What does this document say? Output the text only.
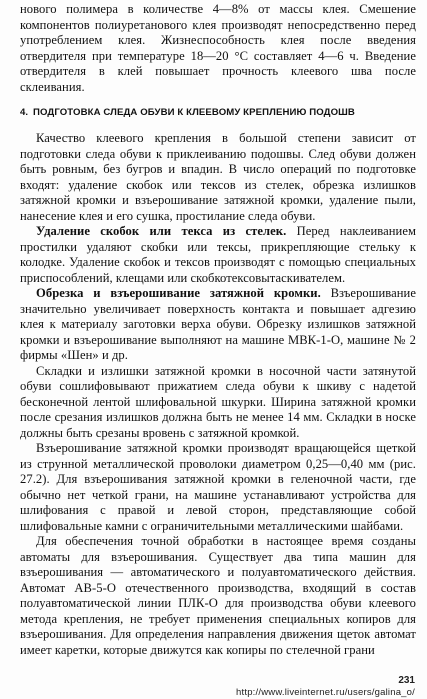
нового полимера в количестве 4—8% от массы клея. Смешение компонентов полиуретанового клея производят непосредственно перед употреблением клея. Жизнеспособность клея после введения отвердителя при температуре 18—20 °С составляет 4—6 ч. Введение отвердителя в клей повышает прочность клеевого шва после склеивания.

4. ПОДГОТОВКА СЛЕДА ОБУВИ К КЛЕЕВОМУ КРЕПЛЕНИЮ ПОДОШВ

Качество клеевого крепления в большой степени зависит от подготовки следа обуви к приклеиванию подошвы. След обуви должен быть ровным, без бугров и впадин. В число операций по подготовке входят: удаление скобок или тексов из стелек, обрезка излишков затяжной кромки и взъерошивание затяжной кромки, удаление пыли, нанесение клея и его сушка, простилание следа обуви.

Удаление скобок или текса из стелек. Перед наклеиванием простилки удаляют скобки или тексы, прикрепляющие стельку к колодке. Удаление скобок и тексов производят с помощью специальных приспособлений, клещами или скобкотексовытаскивателем.

Обрезка и взъерошивание затяжной кромки. Взъерошивание значительно увеличивает поверхность контакта и повышает адгезию клея к материалу заготовки верха обуви. Обрезку излишков затяжной кромки и взъерошивание выполняют на машине МВК-1-О, машине № 2 фирмы «Шен» и др.

Складки и излишки затяжной кромки в носочной части затянутой обуви сошлифовывают прижатием следа обуви к шкиву с надетой бесконечной лентой шлифовальной шкурки. Ширина затяжной кромки после срезания излишков должна быть не менее 14 мм. Складки в носке должны быть срезаны вровень с затяжной кромкой.

Взъерошивание затяжной кромки производят вращающейся щеткой из струнной металлической проволоки диаметром 0,25—0,40 мм (рис. 27.2). Для взъерошивания затяжной кромки в геленочной части, где обычно нет четкой грани, на машине устанавливают устройства для шлифования с правой и левой сторон, представляющие собой шлифовальные камни с ограничительными металлическими шайбами.

Для обеспечения точной обработки в настоящее время созданы автоматы для взъерошивания. Существует два типа машин для взъерошивания — автоматического и полуавтоматического действия. Автомат АВ-5-О отечественного производства, входящий в состав полуавтоматической линии ПЛК-О для производства обуви клеевого метода крепления, не требует применения специальных копиров для взъерошивания. Для определения направления движения щеток автомат имеет каретки, которые движутся как копиры по стелечной грани

231
http://www.liveinternet.ru/users/galina_o/
